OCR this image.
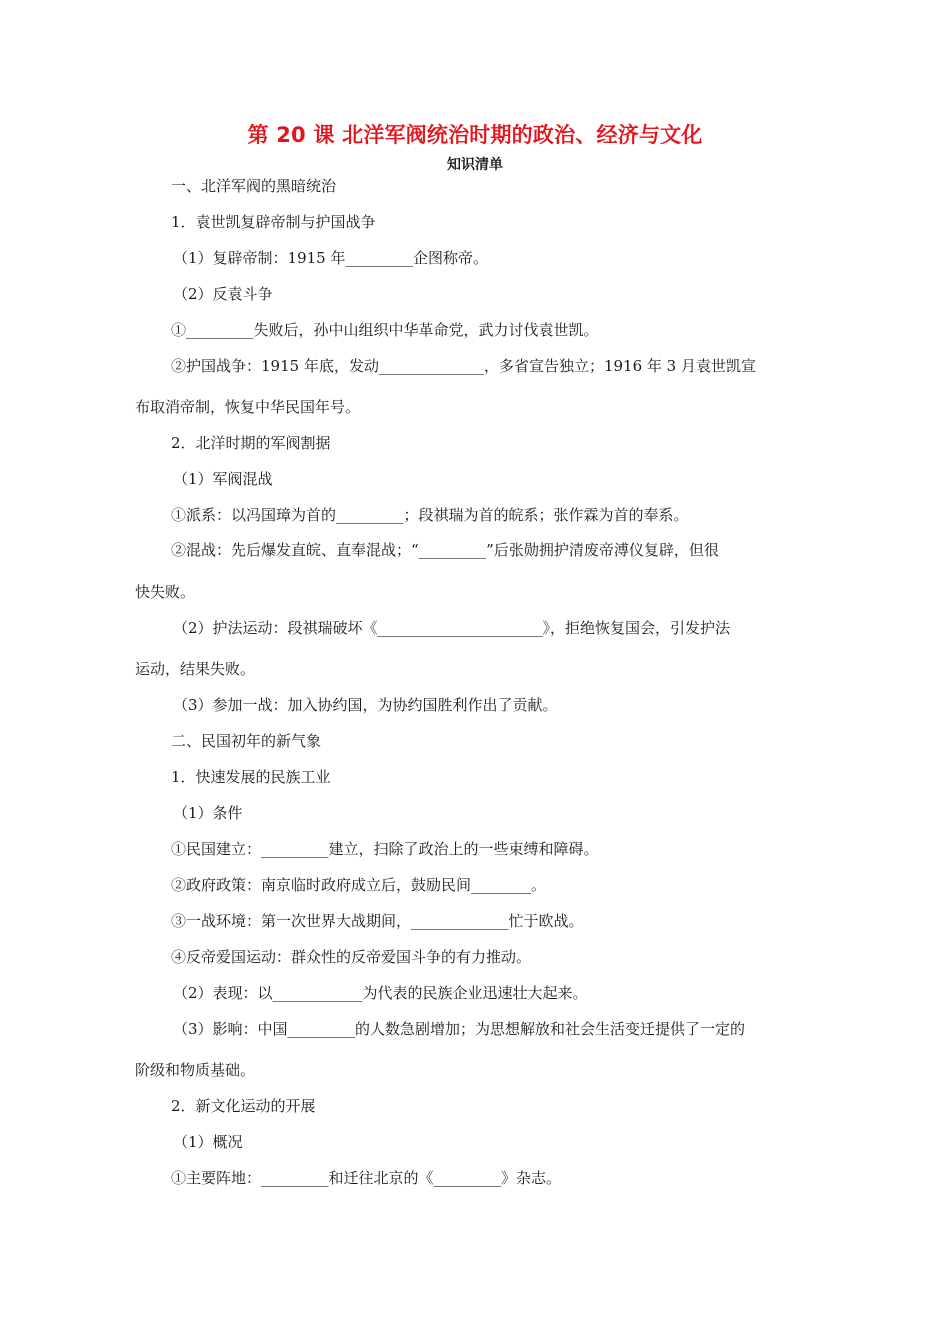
第 20 课 北洋军阀统治时期的政治、经济与文化
知识清单
一、北洋军阀的黑暗统治
1．袁世凯复辟帝制与护国战争
（1）复辟帝制：1915 年_________企图称帝。
（2）反袁斗争
①_________失败后，孙中山组织中华革命党，武力讨伐袁世凯。
②护国战争：1915 年底，发动______________，多省宣告独立；1916 年 3 月袁世凯宣
布取消帝制，恢复中华民国年号。
2．北洋时期的军阀割据
（1）军阀混战
①派系：以冯国璋为首的_________；段祺瑞为首的皖系；张作霖为首的奉系。
②混战：先后爆发直皖、直奉混战；“_________”后张勋拥护清废帝溥仪复辟，但很
快失败。
（2）护法运动：段祺瑞破坏《______________________》，拒绝恢复国会，引发护法
运动，结果失败。
（3）参加一战：加入协约国，为协约国胜利作出了贡献。
二、民国初年的新气象
1．快速发展的民族工业
（1）条件
①民国建立：_________建立，扫除了政治上的一些束缚和障碍。
②政府政策：南京临时政府成立后，鼓励民间________。
③一战环境：第一次世界大战期间，_____________忙于欧战。
④反帝爱国运动：群众性的反帝爱国斗争的有力推动。
（2）表现：以____________为代表的民族企业迅速壮大起来。
（3）影响：中国_________的人数急剧增加；为思想解放和社会生活变迁提供了一定的
阶级和物质基础。
2．新文化运动的开展
（1）概况
①主要阵地：_________和迁往北京的《_________》杂志。
